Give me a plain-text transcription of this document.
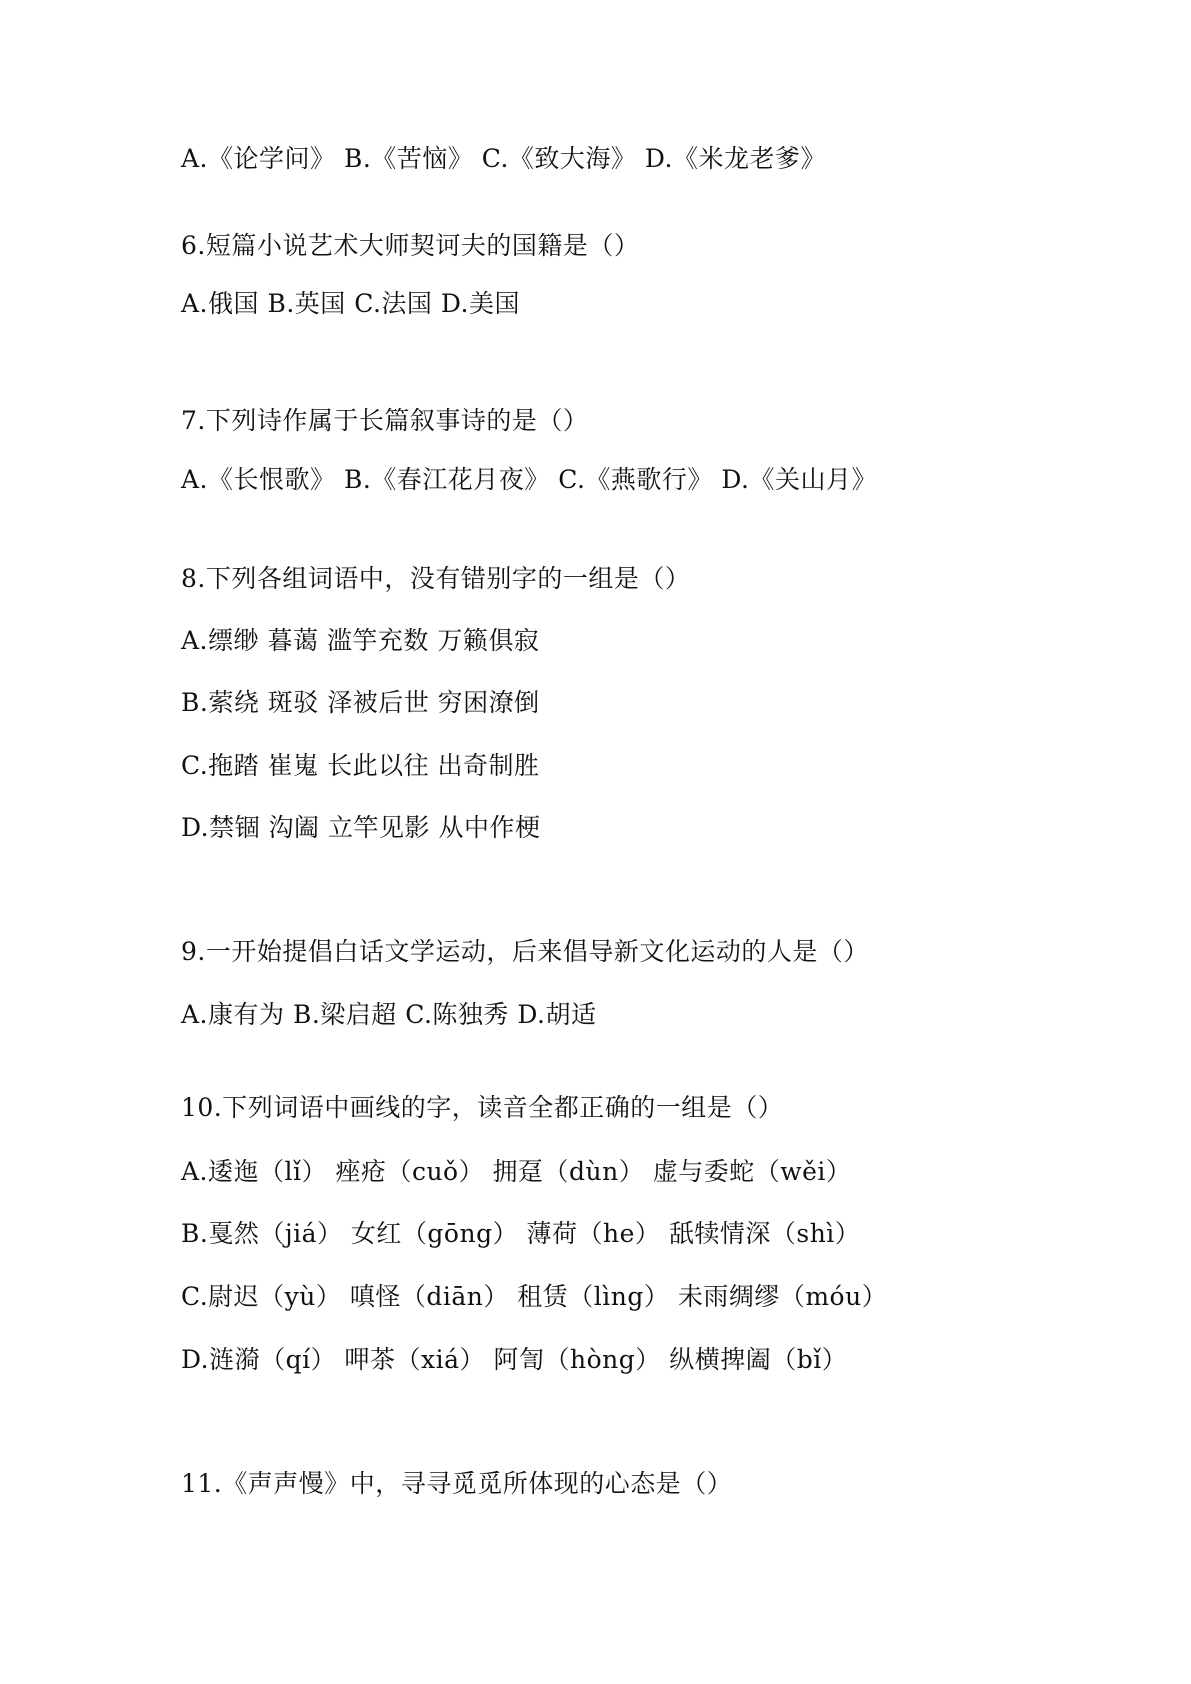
A.《论学问》 B.《苦恼》 C.《致大海》 D.《米龙老爹》
6.短篇小说艺术大师契诃夫的国籍是（）
A.俄国 B.英国 C.法国 D.美国
7.下列诗作属于长篇叙事诗的是（）
A.《长恨歌》 B.《春江花月夜》 C.《燕歌行》 D.《关山月》
8.下列各组词语中，没有错别字的一组是（）
A.缥缈 暮蔼 滥竽充数 万籁俱寂
B.萦绕 斑驳 泽被后世 穷困潦倒
C.拖踏 崔嵬 长此以往 出奇制胜
D.禁锢 沟阖 立竿见影 从中作梗
9.一开始提倡白话文学运动，后来倡导新文化运动的人是（）
A.康有为 B.梁启超 C.陈独秀 D.胡适
10.下列词语中画线的字，读音全都正确的一组是（）
A.逶迤（lǐ） 痤疮（cuǒ） 拥趸（dùn） 虚与委蛇（wěi）
B.戛然（jiá） 女红（gōng） 薄荷（he） 舐犊情深（shì）
C.尉迟（yù） 嗔怪（diān） 租赁（lìng） 未雨绸缪（móu）
D.涟漪（qí） 呷茶（xiá） 阿訇（hòng） 纵横捭阖（bǐ）
11.《声声慢》中，寻寻觅觅所体现的心态是（）
